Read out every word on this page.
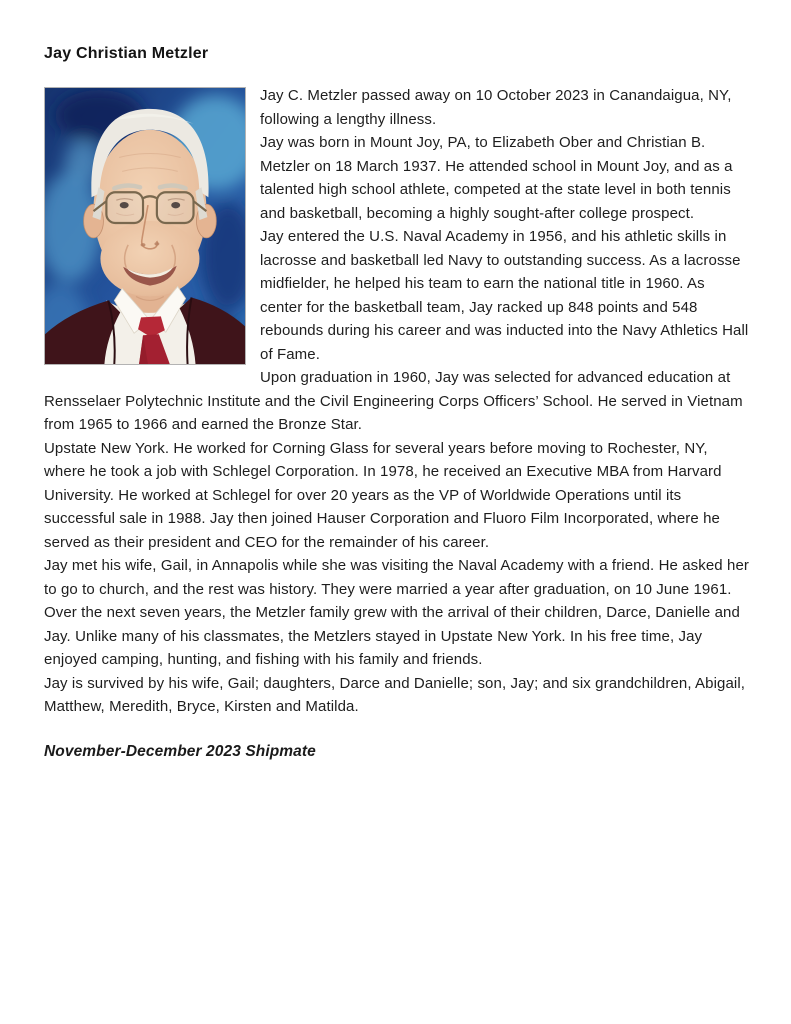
Jay Christian Metzler

Jay C. Metzler passed away on 10 October 2023 in Canandaigua, NY, following a lengthy illness.

Jay was born in Mount Joy, PA, to Elizabeth Ober and Christian B. Metzler on 18 March 1937. He attended school in Mount Joy, and as a talented high school athlete, competed at the state level in both tennis and basketball, becoming a highly sought-after college prospect.

Jay entered the U.S. Naval Academy in 1956, and his athletic skills in lacrosse and basketball led Navy to outstanding success. As a lacrosse midfielder, he helped his team to earn the national title in 1960. As center for the basketball team, Jay racked up 848 points and 548 rebounds during his career and was inducted into the Navy Athletics Hall of Fame.

Upon graduation in 1960, Jay was selected for advanced education at Rensselaer Polytechnic Institute and the Civil Engineering Corps Officers’ School. He served in Vietnam from 1965 to 1966 and earned the Bronze Star.

Upstate New York. He worked for Corning Glass for several years before moving to Rochester, NY, where he took a job with Schlegel Corporation. In 1978, he received an Executive MBA from Harvard University. He worked at Schlegel for over 20 years as the VP of Worldwide Operations until its successful sale in 1988. Jay then joined Hauser Corporation and Fluoro Film Incorporated, where he served as their president and CEO for the remainder of his career.

Jay met his wife, Gail, in Annapolis while she was visiting the Naval Academy with a friend. He asked her to go to church, and the rest was history. They were married a year after graduation, on 10 June 1961. Over the next seven years, the Metzler family grew with the arrival of their children, Darce, Danielle and Jay. Unlike many of his classmates, the Metzlers stayed in Upstate New York. In his free time, Jay enjoyed camping, hunting, and fishing with his family and friends.

Jay is survived by his wife, Gail; daughters, Darce and Danielle; son, Jay; and six grandchildren, Abigail, Matthew, Meredith, Bryce, Kirsten and Matilda.

November-December 2023 Shipmate
